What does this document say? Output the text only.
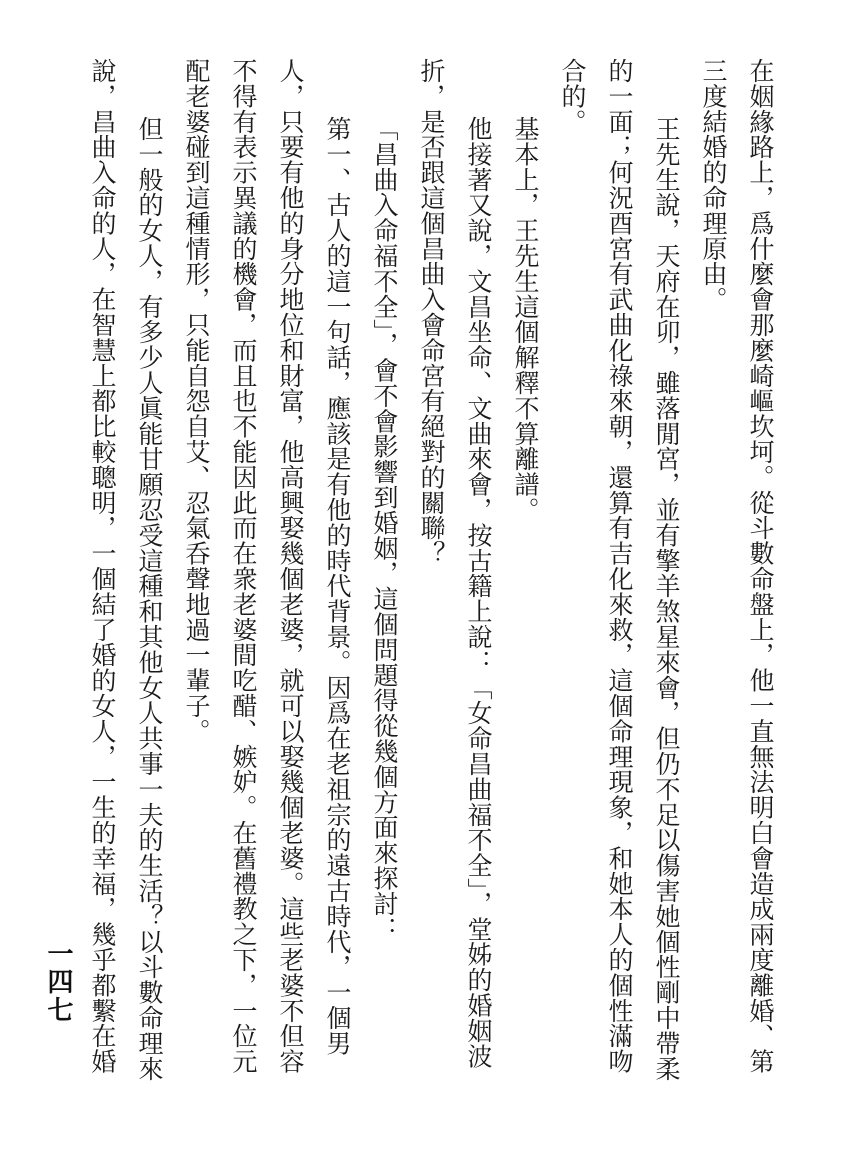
在姻緣路上，爲什麼會那麼崎嶇坎坷。從斗數命盤上，他一直無法明白會造成兩度離婚、第
三度結婚的命理原由。
王先生說，天府在卯，雖落閒宮，並有擎羊煞星來會，但仍不足以傷害她個性剛中帶柔
的一面；何況酉宮有武曲化祿來朝，還算有吉化來救，這個命理現象，和她本人的個性滿吻
合的。
基本上，王先生這個解釋不算離譜。
他接著又說，文昌坐命、文曲來會，按古籍上說：「女命昌曲福不全」，堂姊的婚姻波
折，是否跟這個昌曲入會命宮有絕對的關聯？
「昌曲入命福不全」，會不會影響到婚姻，這個問題得從幾個方面來探討：
第一、古人的這一句話，應該是有他的時代背景。因爲在老祖宗的遠古時代，一個男
人，只要有他的身分地位和財富，他高興娶幾個老婆，就可以娶幾個老婆。這些老婆不但容
不得有表示異議的機會，而且也不能因此而在衆老婆間吃醋、嫉妒。在舊禮教之下，一位元
配老婆碰到這種情形，只能自怨自艾、忍氣呑聲地過一輩子。
但一般的女人，有多少人眞能甘願忍受這種和其他女人共事一夫的生活？以斗數命理來
說，昌曲入命的人，在智慧上都比較聰明，一個結了婚的女人，一生的幸福，幾乎都繫在婚
一四七
